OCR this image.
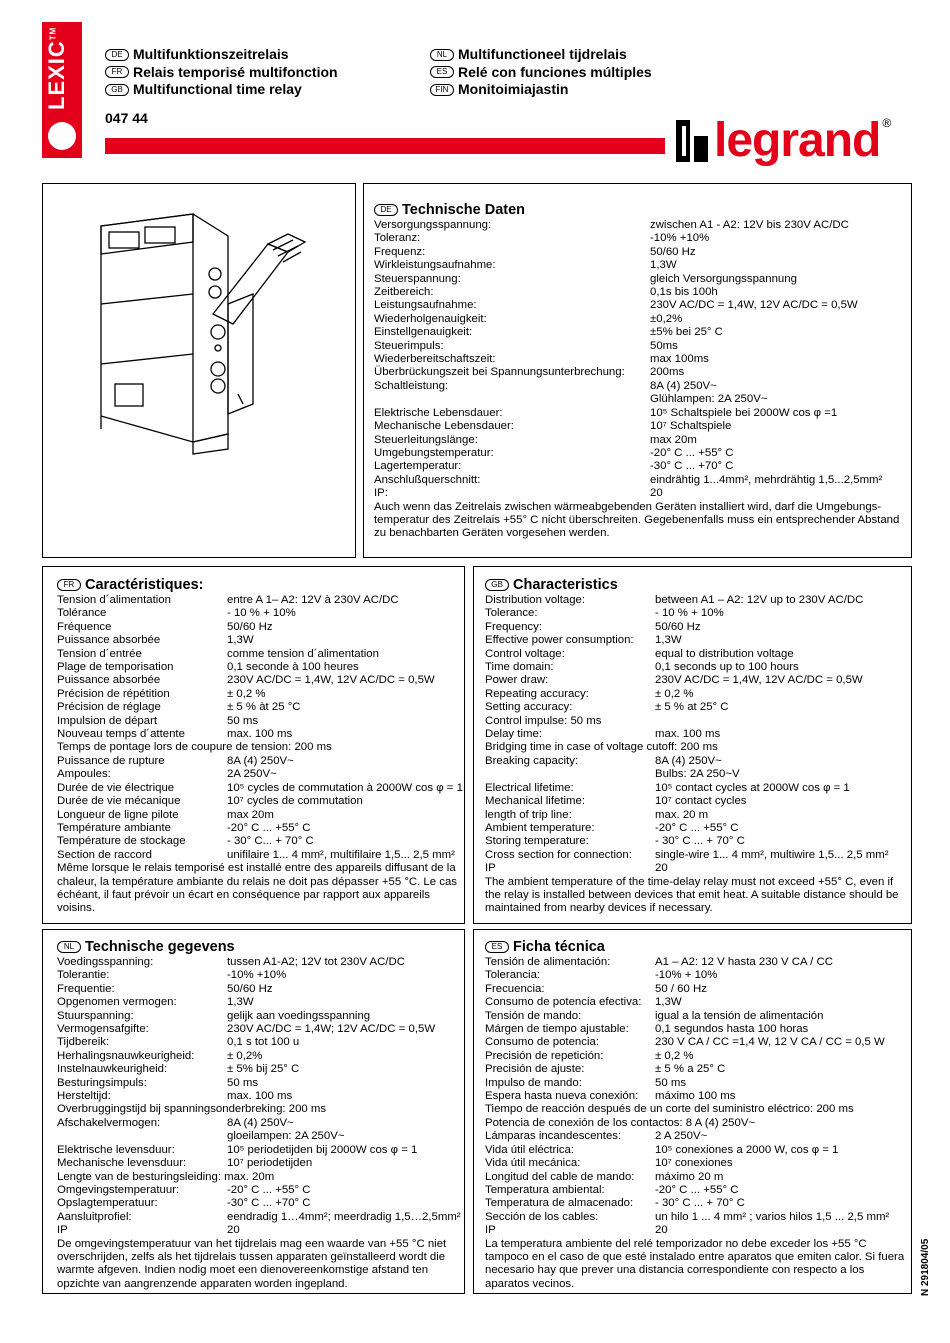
LEXIC™
DE Multifunktionszeitrelais
FR Relais temporisé multifonction
GB Multifunctional time relay
NL Multifunctioneel tijdrelais
ES Relé con funciones múltiples
FIN Monitoimiajastin
047 44	legrand ®
DE Technische Daten
Versorgungsspannung:	zwischen A1 - A2: 12V bis 230V AC/DC
Toleranz:	-10% +10%
Frequenz:	50/60 Hz
Wirkleistungsaufnahme:	1,3W
Steuerspannung:	gleich Versorgungsspannung
Zeitbereich:	0,1s bis 100h
Leistungsaufnahme:	230V AC/DC = 1,4W, 12V AC/DC = 0,5W
Wiederholgenauigkeit:	±0,2%
Einstellgenauigkeit:	±5% bei 25° C
Steuerimpuls:	50ms
Wiederbereitschaftszeit:	max 100ms
Überbrückungszeit bei Spannungsunterbrechung:	200ms
Schaltleistung:	8A (4) 250V~
Glühlampen: 2A 250V~
Elektrische Lebensdauer:	10⁵ Schaltspiele bei 2000W cos φ =1
Mechanische Lebensdauer:	10⁷ Schaltspiele
Steuerleitungslänge:	max 20m
Umgebungstemperatur:	-20° C ... +55° C
Lagertemperatur:	-30° C ... +70° C
Anschlußquerschnitt:	eindrähtig 1...4mm², mehrdrähtig 1,5...2,5mm²
IP:	20
Auch wenn das Zeitrelais zwischen wärmeabgebenden Geräten installiert wird, darf die Umgebungs-temperatur des Zeitrelais +55° C nicht überschreiten. Gegebenenfalls muss ein entsprechender Abstand zu benachbarten Geräten vorgesehen werden.
FR Caractéristiques:
Tension d´alimentation	entre A 1– A2: 12V à 230V AC/DC
Tolérance	- 10 % + 10%
Fréquence	50/60 Hz
Puissance absorbée	1,3W
Tension d´entrée	comme tension d´alimentation
Plage de temporisation	0,1 seconde à 100 heures
Puissance absorbée	230V AC/DC = 1,4W, 12V AC/DC = 0,5W
Précision de répétition	± 0,2 %
Précision de réglage	± 5 % àt 25 °C
Impulsion de départ	50 ms
Nouveau temps d´attente	max. 100 ms
Temps de pontage lors de coupure de tension: 200 ms
Puissance de rupture	8A (4) 250V~
Ampoules:	2A 250V~
Durée de vie électrique	10⁵ cycles de commutation à 2000W cos φ = 1
Durée de vie mécanique	10⁷ cycles de commutation
Longueur de ligne pilote	max 20m
Température ambiante	-20° C ... +55° C
Température de stockage	- 30° C... + 70° C
Section de raccord	unifilaire 1... 4 mm², multifilaire 1,5... 2,5 mm²
Même lorsque le relais temporisé est installé entre des appareils diffusant de la chaleur, la température ambiante du relais ne doit pas dépasser +55 °C. Le cas échéant, il faut prévoir un écart en conséquence par rapport aux appareils voisins.
GB Characteristics
Distribution voltage:	between A1 – A2: 12V up to 230V AC/DC
Tolerance:	- 10 % + 10%
Frequency:	50/60 Hz
Effective power consumption:	1,3W
Control voltage:	equal to distribution voltage
Time domain:	0,1 seconds up to 100 hours
Power draw:	230V AC/DC = 1,4W, 12V AC/DC = 0,5W
Repeating accuracy:	± 0,2 %
Setting accuracy:	± 5 % at 25° C
Control impulse: 50 ms
Delay time:	max. 100 ms
Bridging time in case of voltage cutoff: 200 ms
Breaking capacity:	8A (4) 250V~
Bulbs: 2A 250~V
Electrical lifetime:	10⁵ contact cycles at 2000W cos φ = 1
Mechanical lifetime:	10⁷ contact cycles
length of trip line:	max. 20 m
Ambient temperature:	-20° C ... +55° C
Storing temperature:	- 30° C ... + 70° C
Cross section for connection:	single-wire 1... 4 mm², multiwire 1,5... 2,5 mm²
IP	20
The ambient temperature of the time-delay relay must not exceed +55° C, even if the relay is installed between devices that emit heat. A suitable distance should be maintained from nearby devices if necessary.
NL Technische gegevens
Voedingsspanning:	tussen A1-A2; 12V tot 230V AC/DC
Tolerantie:	-10% +10%
Frequentie:	50/60 Hz
Opgenomen vermogen:	1,3W
Stuurspanning:	gelijk aan voedingsspanning
Vermogensafgifte:	230V AC/DC = 1,4W; 12V AC/DC = 0,5W
Tijdbereik:	0,1 s tot 100 u
Herhalingsnauwkeurigheid:	± 0,2%
Instelnauwkeurigheid:	± 5% bij 25° C
Besturingsimpuls:	50 ms
Hersteltijd:	max. 100 ms
Overbruggingstijd bij spanningsonderbreking: 200 ms
Afschakelvermogen:	8A (4) 250V~
gloeilampen: 2A 250V~
Elektrische levensduur:	10⁵ periodetijden bij 2000W cos φ = 1
Mechanische levensduur:	10⁷ periodetijden
Lengte van de besturingsleiding: max. 20m
Omgevingstemperatuur:	-20° C ... +55° C
Opslagtemperatuur:	-30° C ... +70° C
Aansluitprofiel:	eendradig 1…4mm²; meerdradig 1,5…2,5mm²
IP	20
De omgevingstemperatuur van het tijdrelais mag een waarde van +55 °C niet overschrijden, zelfs als het tijdrelais tussen apparaten geïnstalleerd wordt die warmte afgeven. Indien nodig moet een dienovereenkomstige afstand ten opzichte van aangrenzende apparaten worden ingepland.
ES Ficha técnica
Tensión de alimentación:	A1 – A2: 12 V hasta 230 V CA / CC
Tolerancia:	-10% + 10%
Frecuencia:	50 / 60 Hz
Consumo de potencia efectiva:	1,3W
Tensión de mando:	igual a la tensión de alimentación
Márgen de tiempo ajustable:	0,1 segundos hasta 100 horas
Consumo de potencia:	230 V CA / CC =1,4 W, 12 V CA / CC = 0,5 W
Precisión de repetición:	± 0,2 %
Precisión de ajuste:	± 5 % a 25° C
Impulso de mando:	50 ms
Espera hasta nueva conexión:	máximo 100 ms
Tiempo de reacción después de un corte del suministro eléctrico: 200 ms
Potencia de conexión de los contactos: 8 A (4) 250V~
Lámparas incandescentes:	2 A 250V~
Vida útil eléctrica:	10⁵ conexiones a 2000 W, cos φ = 1
Vida útil mecánica:	10⁷ conexiones
Longitud del cable de mando:	máximo 20 m
Temperatura ambiental:	-20° C ... +55° C
Temperatura de almacenado:	- 30° C ... + 70° C
Sección de los cables:	un hilo 1 ... 4 mm² ; varios hilos 1,5 ... 2,5 mm²
IP	20
La temperatura ambiente del relé temporizador no debe exceder los +55 °C tampoco en el caso de que esté instalado entre aparatos que emiten calor. Si fuera necesario hay que prever una distancia correspondiente con respecto a los aparatos vecinos.	N 291804/05
